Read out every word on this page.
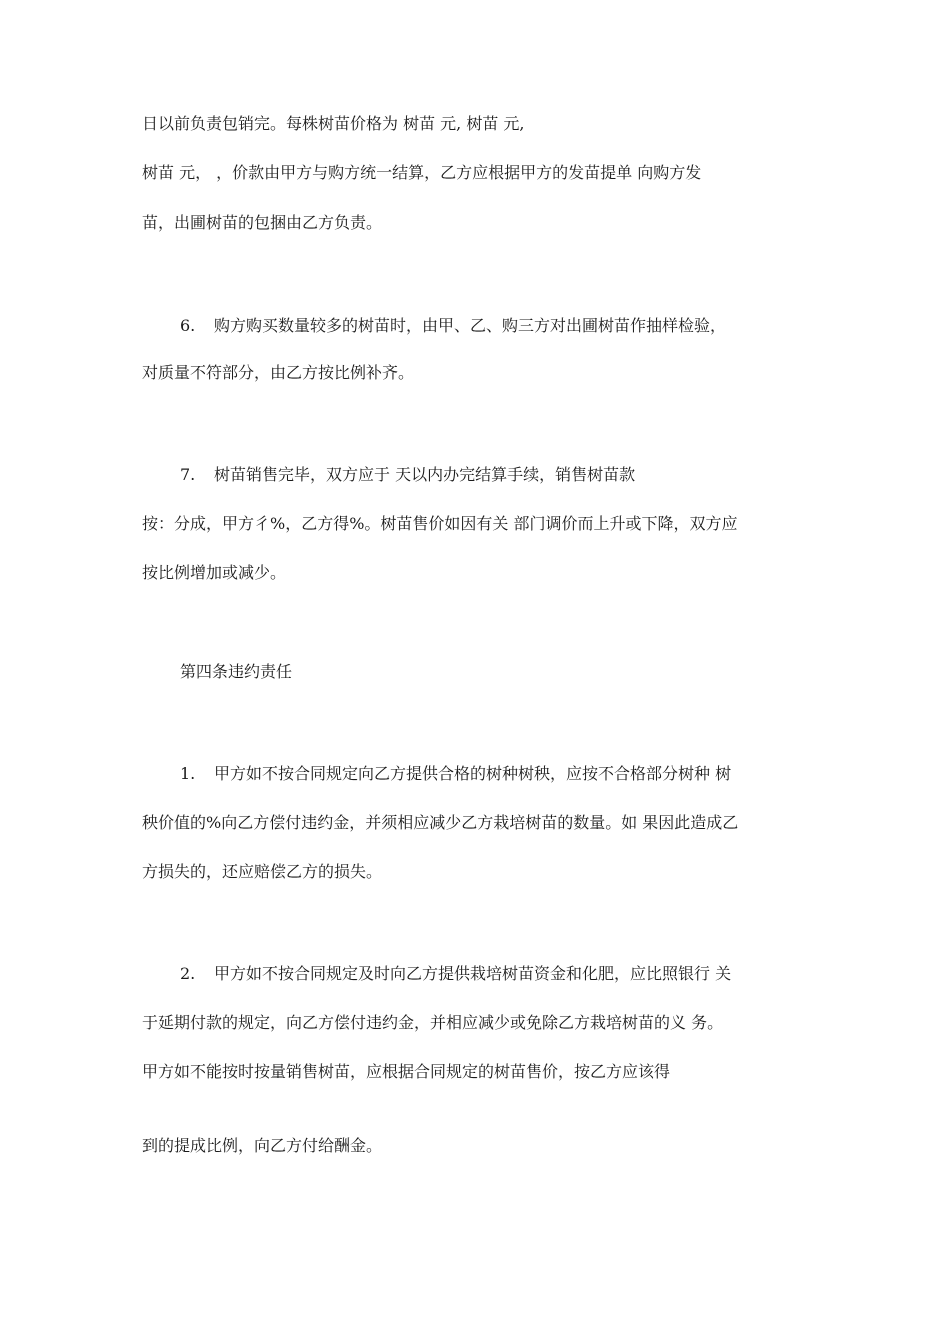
日以前负责包销完。每株树苗价格为 树苗 元, 树苗 元,
树苗 元， ，价款由甲方与购方统一结算，乙方应根据甲方的发苗提单 向购方发
苗，出圃树苗的包捆由乙方负责。
6. 购方购买数量较多的树苗时，由甲、乙、购三方对出圃树苗作抽样检验，
对质量不符部分，由乙方按比例补齐。
7. 树苗销售完毕，双方应于 天以内办完结算手续，销售树苗款
按：分成，甲方彳%，乙方得%。树苗售价如因有关 部门调价而上升或下降，双方应
按比例增加或减少。
第四条违约责任
1. 甲方如不按合同规定向乙方提供合格的树种树秧，应按不合格部分树种 树
秧价值的%向乙方偿付违约金，并须相应减少乙方栽培树苗的数量。如 果因此造成乙
方损失的，还应赔偿乙方的损失。
2. 甲方如不按合同规定及时向乙方提供栽培树苗资金和化肥，应比照银行 关
于延期付款的规定，向乙方偿付违约金，并相应减少或免除乙方栽培树苗的义 务。
甲方如不能按时按量销售树苗，应根据合同规定的树苗售价，按乙方应该得
到的提成比例，向乙方付给酬金。
